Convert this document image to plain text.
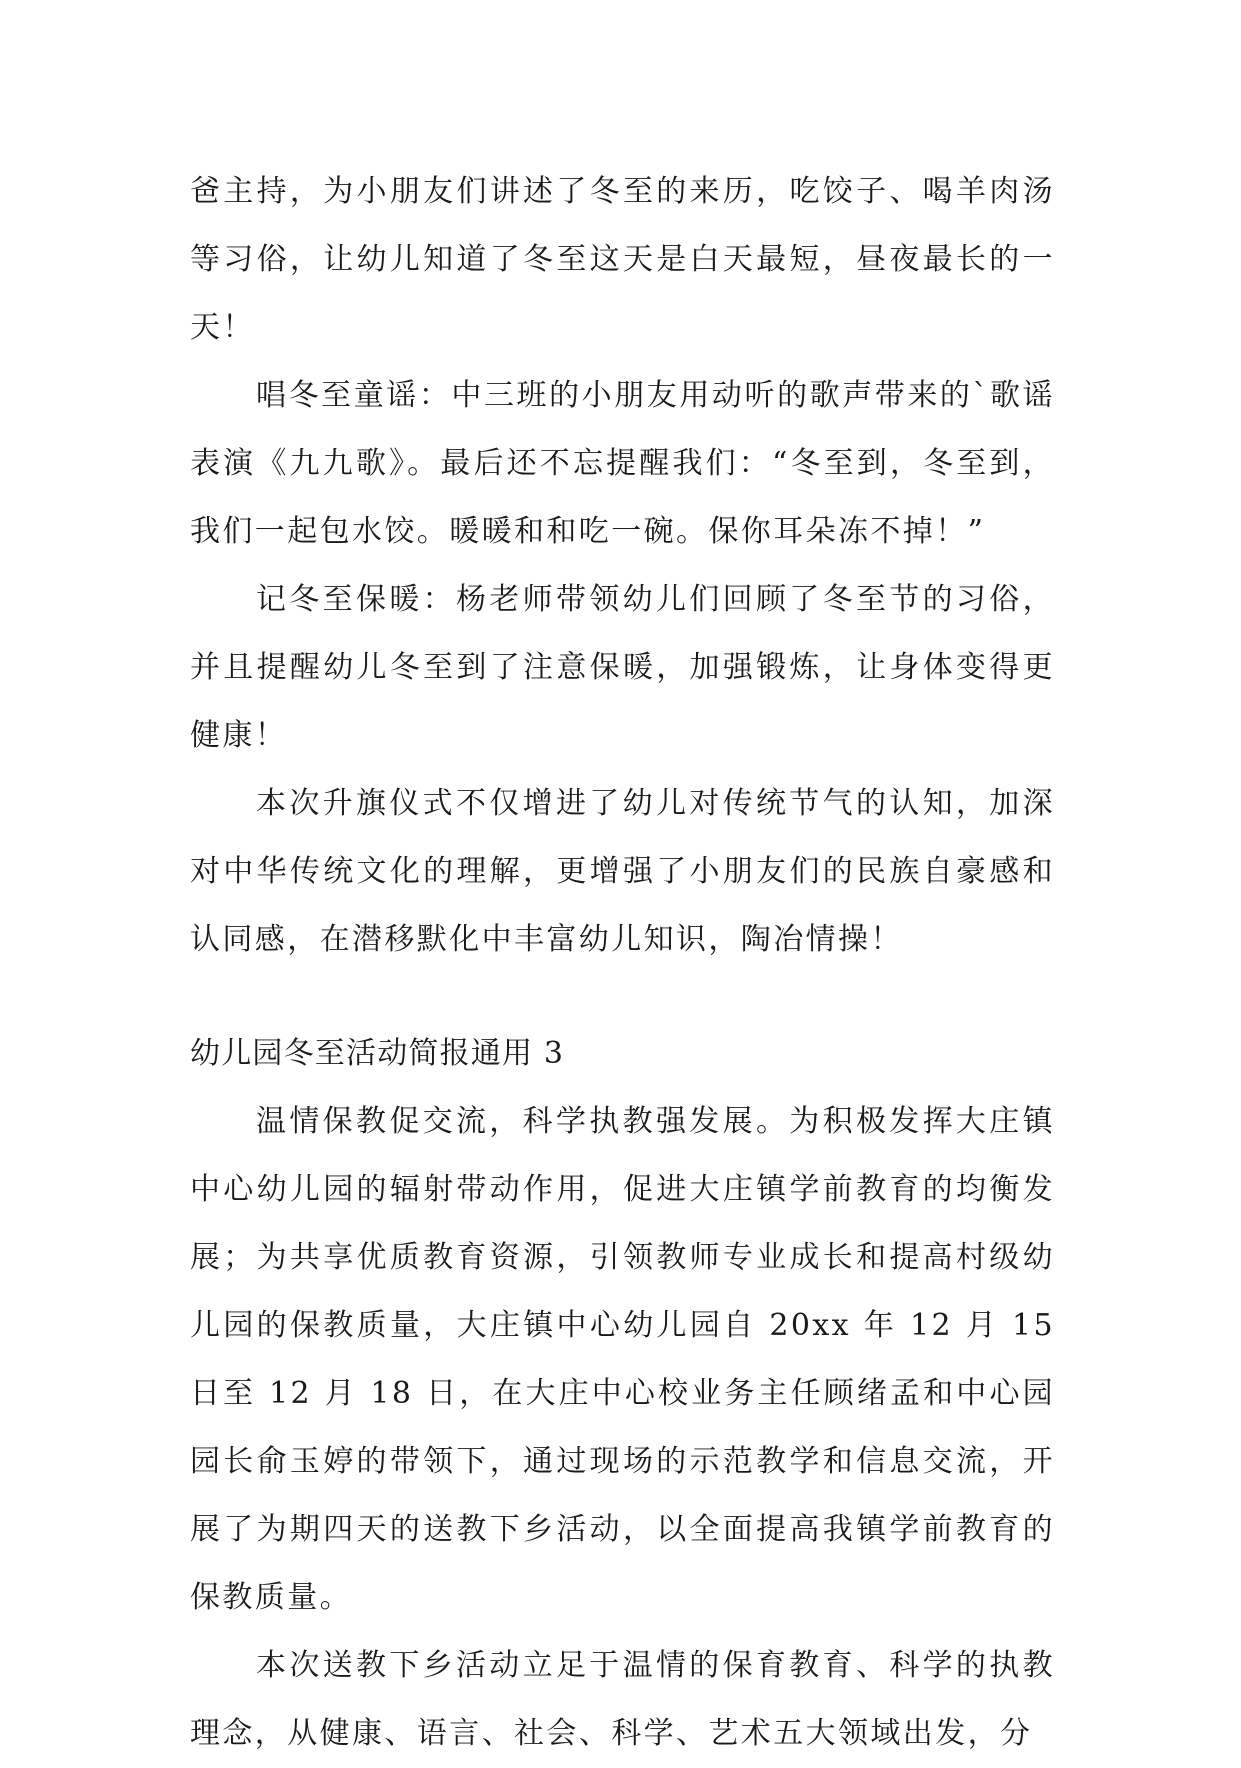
爸主持，为小朋友们讲述了冬至的来历，吃饺子、喝羊肉汤等习俗，让幼儿知道了冬至这天是白天最短，昼夜最长的一天！

唱冬至童谣：中三班的小朋友用动听的歌声带来的`歌谣表演《九九歌》。最后还不忘提醒我们：“冬至到，冬至到，我们一起包水饺。暖暖和和吃一碗。保你耳朵冻不掉！”

记冬至保暖：杨老师带领幼儿们回顾了冬至节的习俗，并且提醒幼儿冬至到了注意保暖，加强锻炼，让身体变得更健康！

本次升旗仪式不仅增进了幼儿对传统节气的认知，加深对中华传统文化的理解，更增强了小朋友们的民族自豪感和认同感，在潜移默化中丰富幼儿知识，陶冶情操！

幼儿园冬至活动简报通用 3

温情保教促交流，科学执教强发展。为积极发挥大庄镇中心幼儿园的辐射带动作用，促进大庄镇学前教育的均衡发展；为共享优质教育资源，引领教师专业成长和提高村级幼儿园的保教质量，大庄镇中心幼儿园自 20xx 年 12 月 15 日至 12 月 18 日，在大庄中心校业务主任顾绪孟和中心园园长俞玉婷的带领下，通过现场的示范教学和信息交流，开展了为期四天的送教下乡活动，以全面提高我镇学前教育的保教质量。

本次送教下乡活动立足于温情的保育教育、科学的执教理念，从健康、语言、社会、科学、艺术五大领域出发，分
